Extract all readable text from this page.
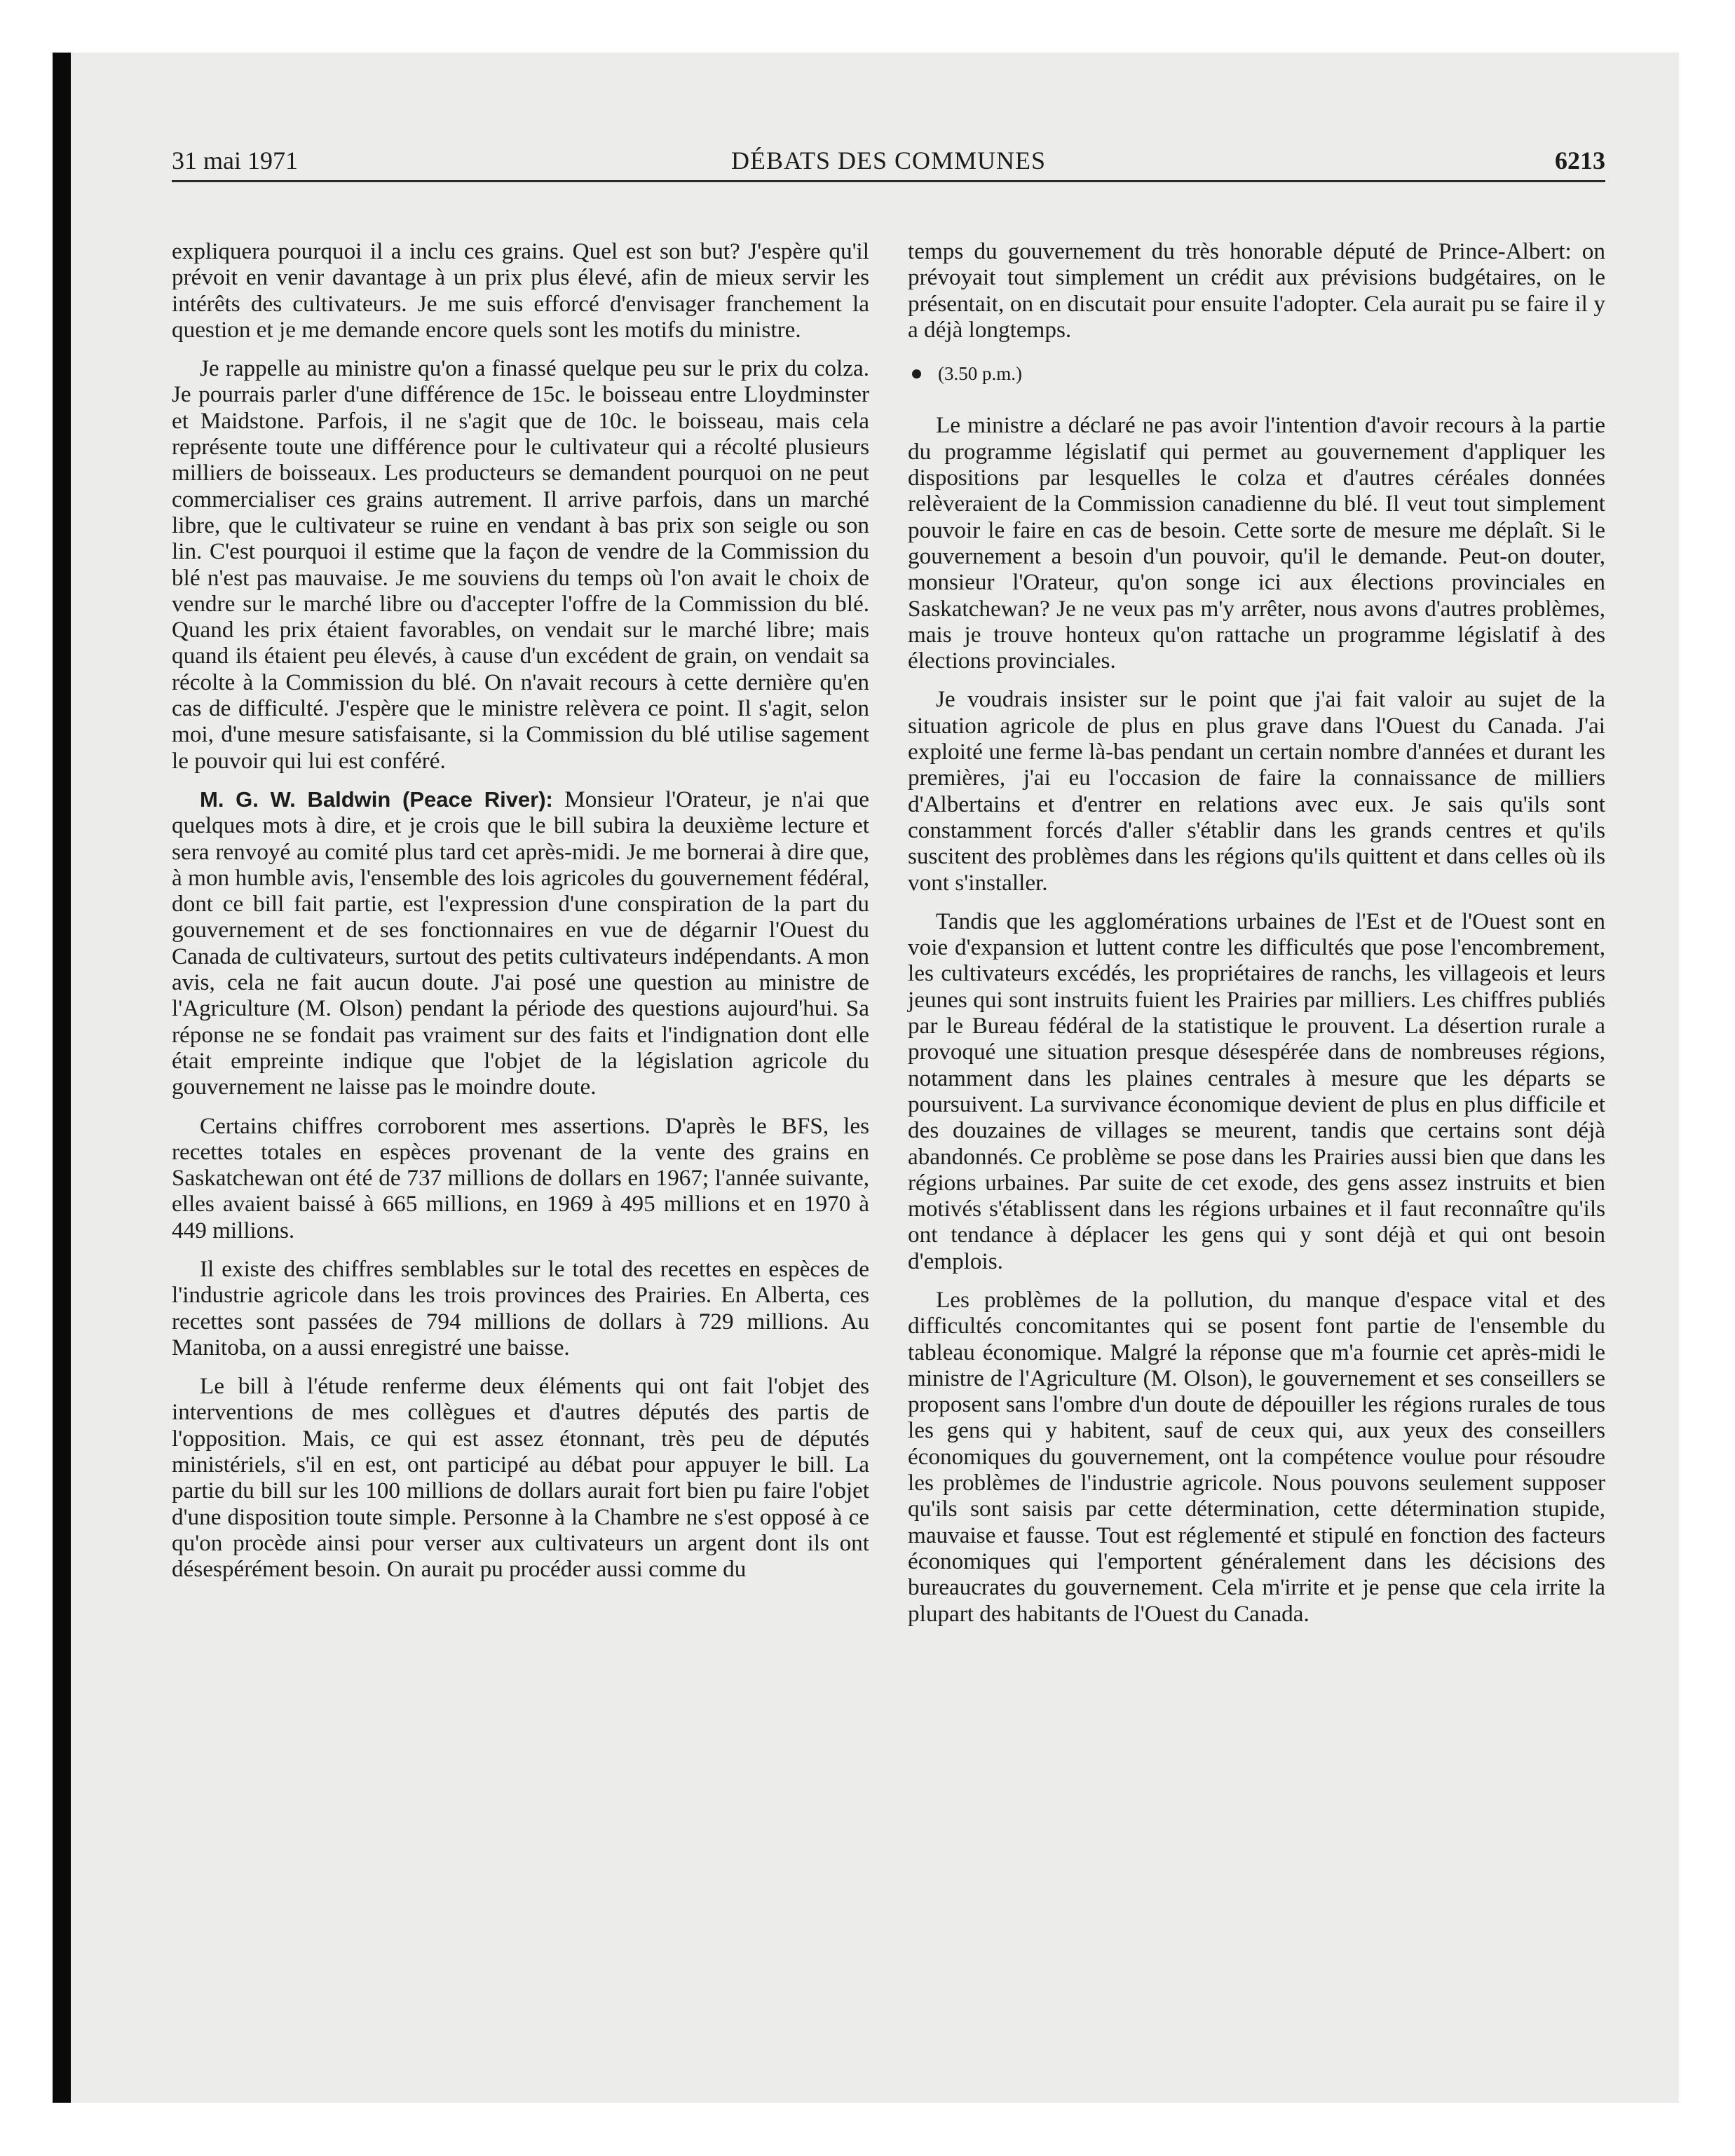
DÉBATS DES COMMUNES
31 mai 1971	6213

expliquera pourquoi il a inclu ces grains. Quel est son but? J'espère qu'il prévoit en venir davantage à un prix plus élevé, afin de mieux servir les intérêts des cultivateurs. Je me suis efforcé d'envisager franchement la question et je me demande encore quels sont les motifs du ministre.

Je rappelle au ministre qu'on a finassé quelque peu sur le prix du colza. Je pourrais parler d'une différence de 15c. le boisseau entre Lloydminster et Maidstone. Parfois, il ne s'agit que de 10c. le boisseau, mais cela représente toute une différence pour le cultivateur qui a récolté plusieurs milliers de boisseaux. Les producteurs se demandent pourquoi on ne peut commercialiser ces grains autrement. Il arrive parfois, dans un marché libre, que le cultivateur se ruine en vendant à bas prix son seigle ou son lin. C'est pourquoi il estime que la façon de vendre de la Commission du blé n'est pas mauvaise. Je me souviens du temps où l'on avait le choix de vendre sur le marché libre ou d'accepter l'offre de la Commission du blé. Quand les prix étaient favorables, on vendait sur le marché libre; mais quand ils étaient peu élevés, à cause d'un excédent de grain, on vendait sa récolte à la Commission du blé. On n'avait recours à cette dernière qu'en cas de difficulté. J'espère que le ministre relèvera ce point. Il s'agit, selon moi, d'une mesure satisfaisante, si la Commission du blé utilise sagement le pouvoir qui lui est conféré.

M. G. W. Baldwin (Peace River): Monsieur l'Orateur, je n'ai que quelques mots à dire, et je crois que le bill subira la deuxième lecture et sera renvoyé au comité plus tard cet après-midi. Je me bornerai à dire que, à mon humble avis, l'ensemble des lois agricoles du gouvernement fédéral, dont ce bill fait partie, est l'expression d'une conspiration de la part du gouvernement et de ses fonctionnaires en vue de dégarnir l'Ouest du Canada de cultivateurs, surtout des petits cultivateurs indépendants. A mon avis, cela ne fait aucun doute. J'ai posé une question au ministre de l'Agriculture (M. Olson) pendant la période des questions aujourd'hui. Sa réponse ne se fondait pas vraiment sur des faits et l'indignation dont elle était empreinte indique que l'objet de la législation agricole du gouvernement ne laisse pas le moindre doute.

Certains chiffres corroborent mes assertions. D'après le BFS, les recettes totales en espèces provenant de la vente des grains en Saskatchewan ont été de 737 millions de dollars en 1967; l'année suivante, elles avaient baissé à 665 millions, en 1969 à 495 millions et en 1970 à 449 millions.

Il existe des chiffres semblables sur le total des recettes en espèces de l'industrie agricole dans les trois provinces des Prairies. En Alberta, ces recettes sont passées de 794 millions de dollars à 729 millions. Au Manitoba, on a aussi enregistré une baisse.

Le bill à l'étude renferme deux éléments qui ont fait l'objet des interventions de mes collègues et d'autres députés des partis de l'opposition. Mais, ce qui est assez étonnant, très peu de députés ministériels, s'il en est, ont participé au débat pour appuyer le bill. La partie du bill sur les 100 millions de dollars aurait fort bien pu faire l'objet d'une disposition toute simple. Personne à la Chambre ne s'est opposé à ce qu'on procède ainsi pour verser aux cultivateurs un argent dont ils ont désespérément besoin. On aurait pu procéder aussi comme du

temps du gouvernement du très honorable député de Prince-Albert: on prévoyait tout simplement un crédit aux prévisions budgétaires, on le présentait, on en discutait pour ensuite l'adopter. Cela aurait pu se faire il y a déjà longtemps.

(3.50 p.m.)

Le ministre a déclaré ne pas avoir l'intention d'avoir recours à la partie du programme législatif qui permet au gouvernement d'appliquer les dispositions par lesquelles le colza et d'autres céréales données relèveraient de la Commission canadienne du blé. Il veut tout simplement pouvoir le faire en cas de besoin. Cette sorte de mesure me déplaît. Si le gouvernement a besoin d'un pouvoir, qu'il le demande. Peut-on douter, monsieur l'Orateur, qu'on songe ici aux élections provinciales en Saskatchewan? Je ne veux pas m'y arrêter, nous avons d'autres problèmes, mais je trouve honteux qu'on rattache un programme législatif à des élections provinciales.

Je voudrais insister sur le point que j'ai fait valoir au sujet de la situation agricole de plus en plus grave dans l'Ouest du Canada. J'ai exploité une ferme là-bas pendant un certain nombre d'années et durant les premières, j'ai eu l'occasion de faire la connaissance de milliers d'Albertains et d'entrer en relations avec eux. Je sais qu'ils sont constamment forcés d'aller s'établir dans les grands centres et qu'ils suscitent des problèmes dans les régions qu'ils quittent et dans celles où ils vont s'installer.

Tandis que les agglomérations urbaines de l'Est et de l'Ouest sont en voie d'expansion et luttent contre les difficultés que pose l'encombrement, les cultivateurs excédés, les propriétaires de ranchs, les villageois et leurs jeunes qui sont instruits fuient les Prairies par milliers. Les chiffres publiés par le Bureau fédéral de la statistique le prouvent. La désertion rurale a provoqué une situation presque désespérée dans de nombreuses régions, notamment dans les plaines centrales à mesure que les départs se poursuivent. La survivance économique devient de plus en plus difficile et des douzaines de villages se meurent, tandis que certains sont déjà abandonnés. Ce problème se pose dans les Prairies aussi bien que dans les régions urbaines. Par suite de cet exode, des gens assez instruits et bien motivés s'établissent dans les régions urbaines et il faut reconnaître qu'ils ont tendance à déplacer les gens qui y sont déjà et qui ont besoin d'emplois.

Les problèmes de la pollution, du manque d'espace vital et des difficultés concomitantes qui se posent font partie de l'ensemble du tableau économique. Malgré la réponse que m'a fournie cet après-midi le ministre de l'Agriculture (M. Olson), le gouvernement et ses conseillers se proposent sans l'ombre d'un doute de dépouiller les régions rurales de tous les gens qui y habitent, sauf de ceux qui, aux yeux des conseillers économiques du gouvernement, ont la compétence voulue pour résoudre les problèmes de l'industrie agricole. Nous pouvons seulement supposer qu'ils sont saisis par cette détermination, cette détermination stupide, mauvaise et fausse. Tout est réglementé et stipulé en fonction des facteurs économiques qui l'emportent généralement dans les décisions des bureaucrates du gouvernement. Cela m'irrite et je pense que cela irrite la plupart des habitants de l'Ouest du Canada.
